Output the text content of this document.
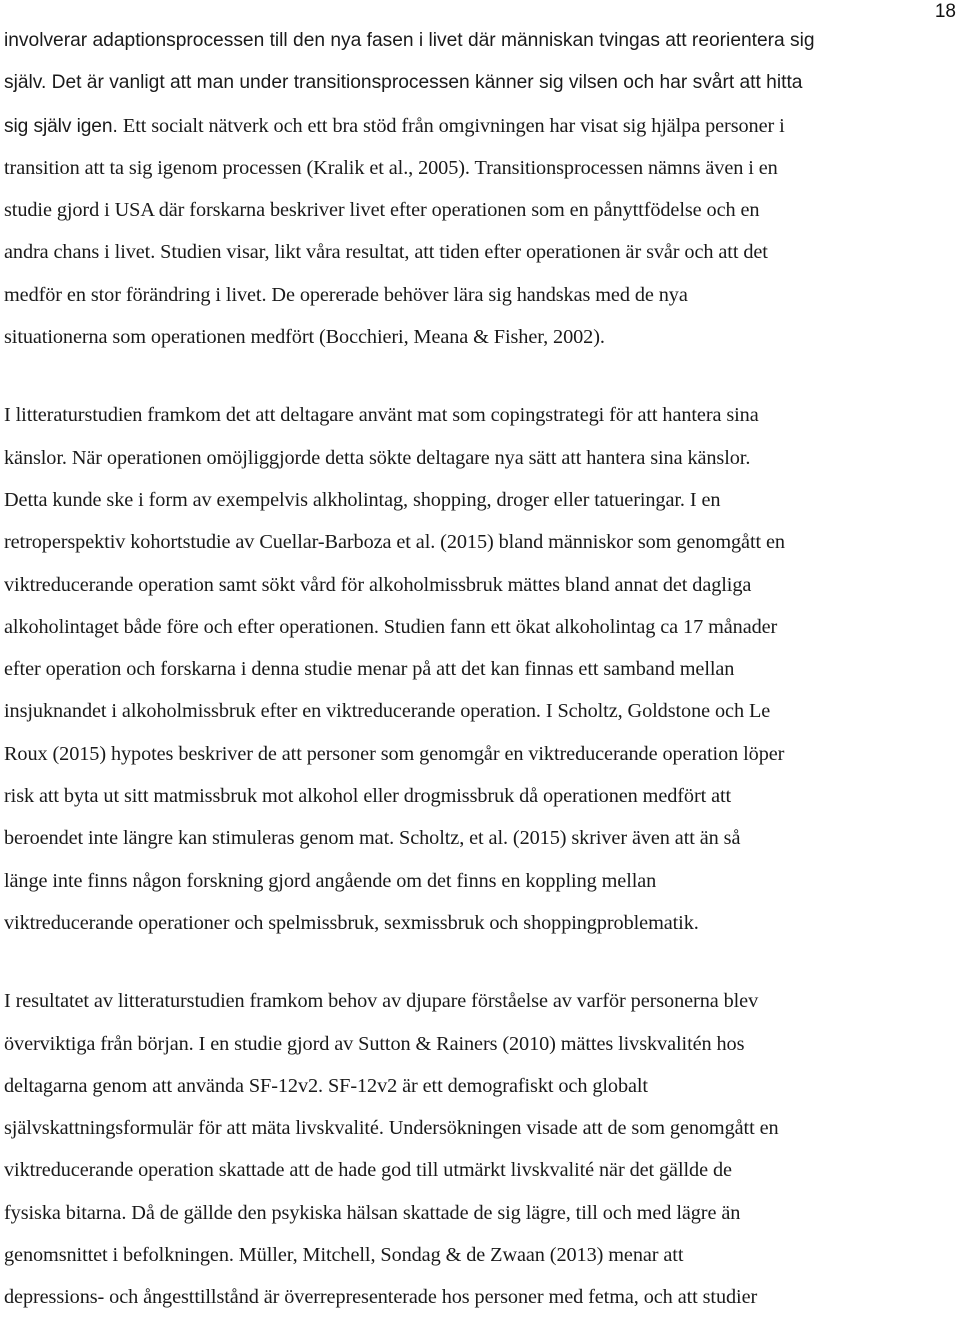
18
involverar adaptionsprocessen till den nya fasen i livet där människan tvingas att reorientera sig
själv. Det är vanligt att man under transitionsprocessen känner sig vilsen och har svårt att hitta
sig själv igen. Ett socialt nätverk och ett bra stöd från omgivningen har visat sig hjälpa personer i
transition att ta sig igenom processen (Kralik et al., 2005). Transitionsprocessen nämns även i en
studie gjord i USA där forskarna beskriver livet efter operationen som en pånyttfödelse och en
andra chans i livet. Studien visar, likt våra resultat, att tiden efter operationen är svår och att det
medför en stor förändring i livet. De opererade behöver lära sig handskas med de nya
situationerna som operationen medfört (Bocchieri, Meana & Fisher, 2002).
I litteraturstudien framkom det att deltagare använt mat som copingstrategi för att hantera sina
känslor. När operationen omöjliggjorde detta sökte deltagare nya sätt att hantera sina känslor.
Detta kunde ske i form av exempelvis alkholintag, shopping, droger eller tatueringar. I en
retroperspektiv kohortstudie av Cuellar-Barboza et al. (2015) bland människor som genomgått en
viktreducerande operation samt sökt vård för alkoholmissbruk mättes bland annat det dagliga
alkoholintaget både före och efter operationen. Studien fann ett ökat alkoholintag ca 17 månader
efter operation och forskarna i denna studie menar på att det kan finnas ett samband mellan
insjuknandet i alkoholmissbruk efter en viktreducerande operation. I Scholtz, Goldstone och Le
Roux (2015) hypotes beskriver de att personer som genomgår en viktreducerande operation löper
risk att byta ut sitt matmissbruk mot alkohol eller drogmissbruk då operationen medfört att
beroendet inte längre kan stimuleras genom mat. Scholtz, et al. (2015) skriver även att än så
länge inte finns någon forskning gjord angående om det finns en koppling mellan
viktreducerande operationer och spelmissbruk, sexmissbruk och shoppingproblematik.
I resultatet av litteraturstudien framkom behov av djupare förståelse av varför personerna blev
överviktiga från början. I en studie gjord av Sutton & Rainers (2010) mättes livskvalitén hos
deltagarna genom att använda SF-12v2. SF-12v2 är ett demografiskt och globalt
självskattningsformulär för att mäta livskvalité. Undersökningen visade att de som genomgått en
viktreducerande operation skattade att de hade god till utmärkt livskvalité när det gällde de
fysiska bitarna. Då de gällde den psykiska hälsan skattade de sig lägre, till och med lägre än
genomsnittet i befolkningen. Müller, Mitchell, Sondag & de Zwaan (2013) menar att
depressions- och ångesttillstånd är överrepresenterade hos personer med fetma, och att studier
